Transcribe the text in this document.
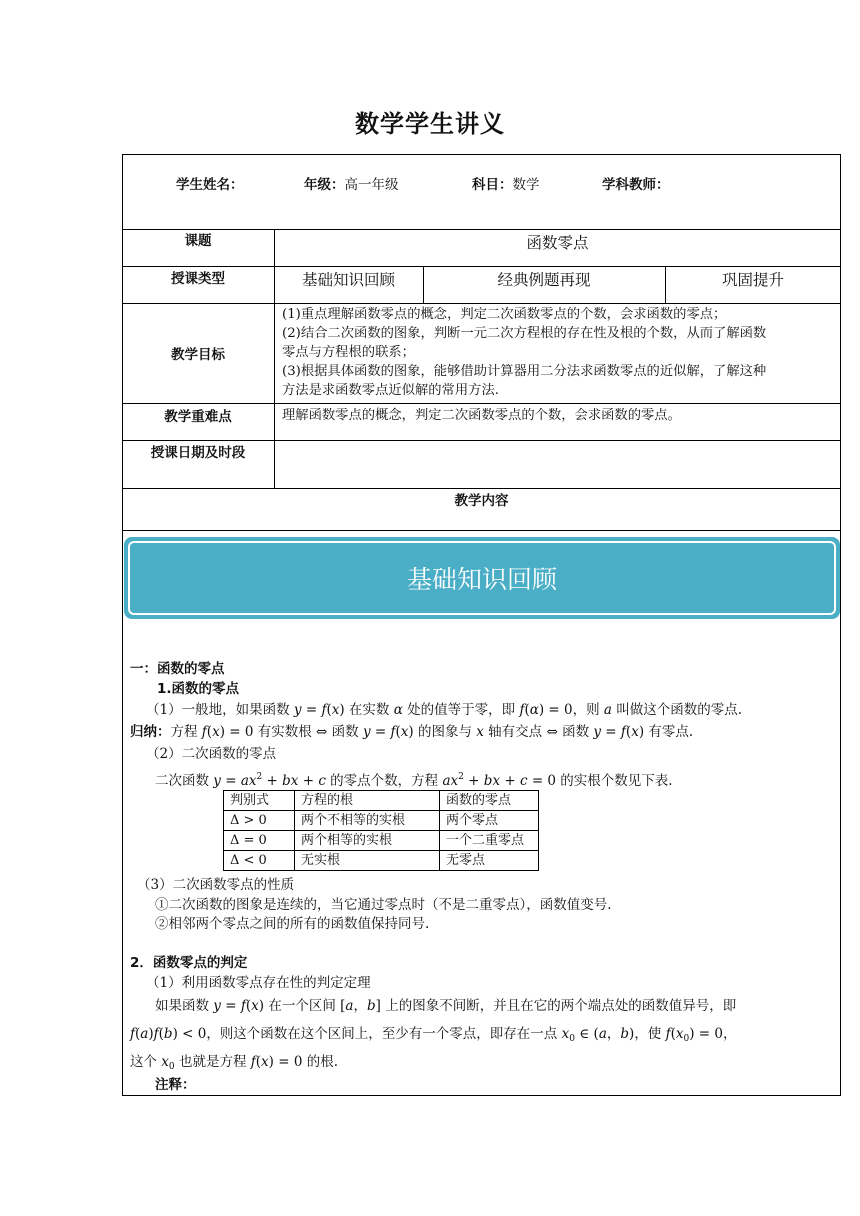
数学学生讲义
学生姓名：	年级：高一年级	科目：数学	学科教师：
课题	函数零点
授课类型	基础知识回顾	经典例题再现	巩固提升
教学目标
(1)重点理解函数零点的概念，判定二次函数零点的个数，会求函数的零点；
(2)结合二次函数的图象，判断一元二次方程根的存在性及根的个数，从而了解函数
零点与方程根的联系；
(3)根据具体函数的图象，能够借助计算器用二分法求函数零点的近似解，了解这种
方法是求函数零点近似解的常用方法.
教学重难点	理解函数零点的概念，判定二次函数零点的个数，会求函数的零点。
授课日期及时段
教学内容
基础知识回顾
一：函数的零点
1.函数的零点
（1）一般地，如果函数 y = f(x) 在实数 α 处的值等于零，即 f(α) = 0，则 a 叫做这个函数的零点.
归纳：方程 f(x) = 0 有实数根 ⇔ 函数 y = f(x) 的图象与 x 轴有交点 ⇔ 函数 y = f(x) 有零点.
（2）二次函数的零点
二次函数 $y = ax^2$ + bx + c 的零点个数，方程 $ax^2$ + bx + c = 0 的实根个数见下表.
判别式	方程的根	函数的零点
Δ > 0	两个不相等的实根	两个零点
Δ = 0	两个相等的实根	一个二重零点
Δ < 0	无实根	无零点
（3）二次函数零点的性质
①二次函数的图象是连续的，当它通过零点时（不是二重零点），函数值变号.
②相邻两个零点之间的所有的函数值保持同号.
2．函数零点的判定
（1）利用函数零点存在性的判定定理
如果函数 y = f(x) 在一个区间 [a，b] 上的图象不间断，并且在它的两个端点处的函数值异号，即
f(a)f(b) < 0，则这个函数在这个区间上，至少有一个零点，即存在一点 $x_0$ ∈ (a，b)，使 $f(x_0) = 0$，
这个 $x_0$ 也就是方程 f(x) = 0 的根.
注释：
